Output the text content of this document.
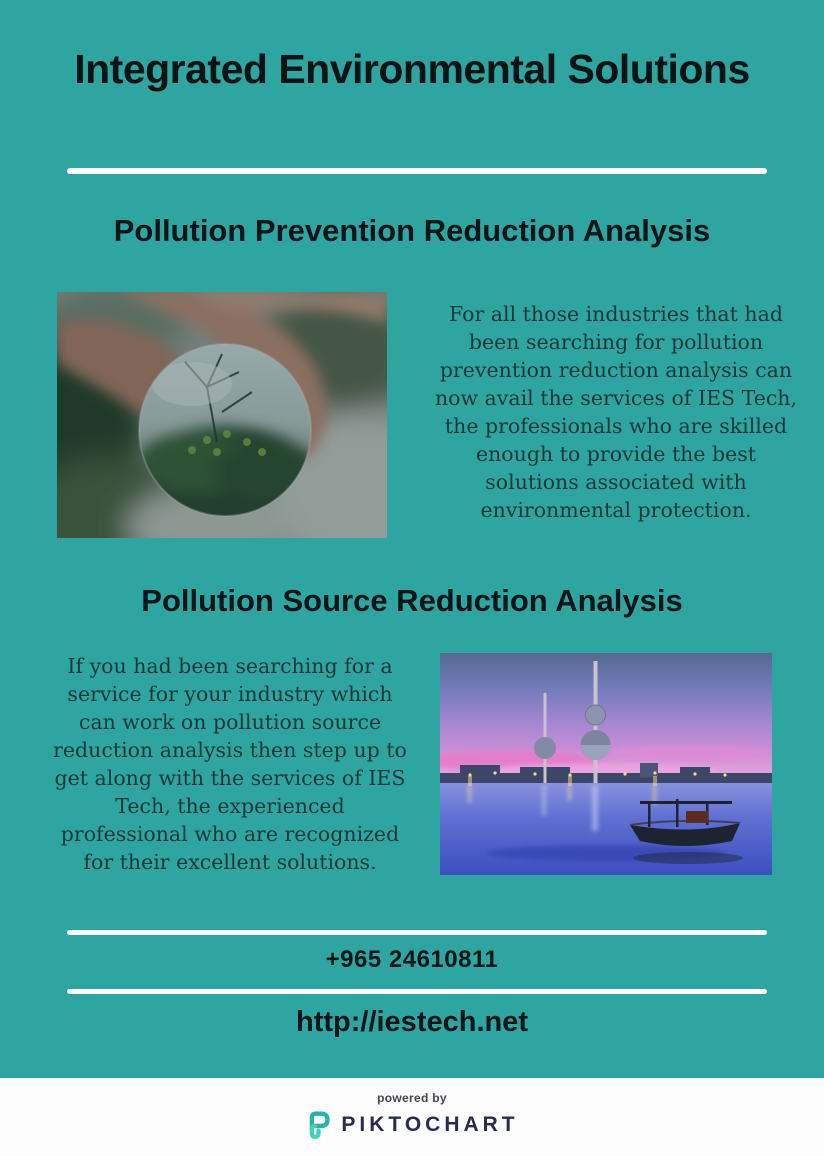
Integrated Environmental Solutions
Pollution Prevention Reduction Analysis
For all those industries that had been searching for pollution prevention reduction analysis can now avail the services of IES Tech, the professionals who are skilled enough to provide the best solutions associated with environmental protection.
Pollution Source Reduction Analysis
If you had been searching for a service for your industry which can work on pollution source reduction analysis then step up to get along with the services of IES Tech, the experienced professional who are recognized for their excellent solutions.
+965 24610811
http://iestech.net
powered by
PIKTOCHART
